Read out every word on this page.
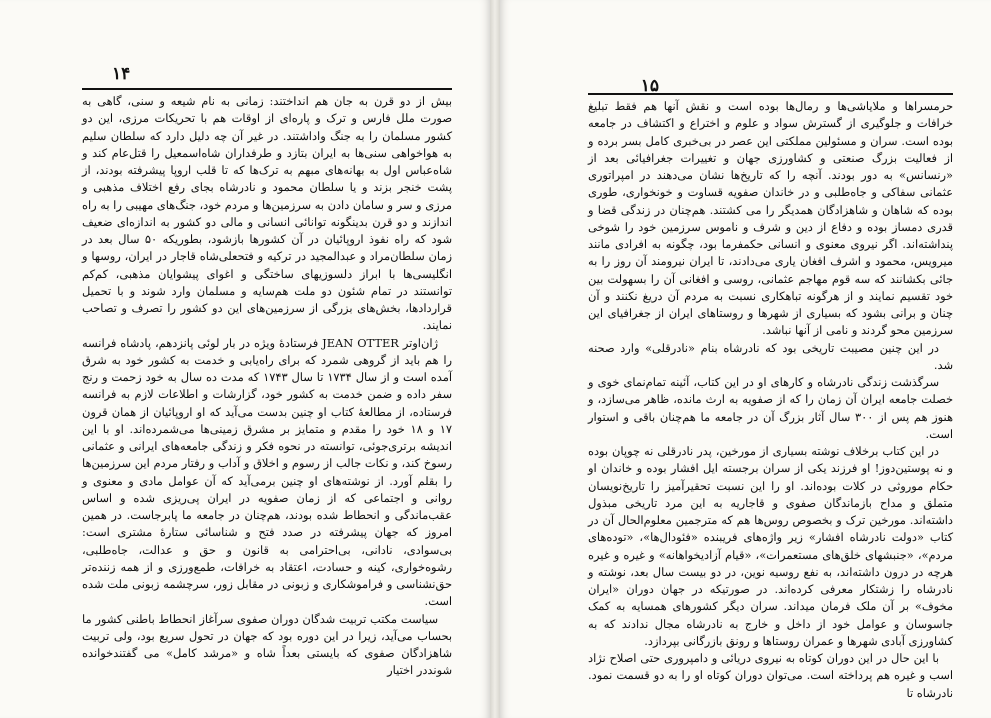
۱۴

بیش از دو قرن به جان هم انداختند: زمانی به نام شیعه و سنی، گاهی به صورت ملل فارس و ترک و پاره‌ای از اوقات هم با تحریکات مرزی، این دو کشور مسلمان را به جنگ واداشتند. در غیر آن چه دلیل دارد که سلطان سلیم به هواخواهی سنی‌ها به ایران بتازد و طرفداران شاه‌اسمعیل را قتل‌عام کند و شاه‌عباس اول به بهانه‌های مبهم به ترک‌ها که تا قلب اروپا پیشرفته بودند، از پشت خنجر بزند و یا سلطان محمود و نادرشاه بجای رفع اختلاف مذهبی و مرزی و سر و سامان دادن به سرزمین‌ها و مردم خود، جنگ‌های مهیبی را به راه اندازند و دو قرن بدینگونه توانائی انسانی و مالی دو کشور به اندازه‌ای ضعیف شود که راه نفوذ اروپائیان در آن کشورها بازشود، بطوریکه ۵۰ سال بعد در زمان سلطان‌مراد و عبدالمجید در ترکیه و فتحعلی‌شاه قاجار در ایران، روسها و انگلیسی‌ها با ابراز دلسوزیهای ساختگی و اغوای پیشوایان مذهبی، کم‌کم توانستند در تمام شئون دو ملت هم‌سایه و مسلمان وارد شوند و با تحمیل قراردادها، بخش‌های بزرگی از سرزمین‌های این دو کشور را تصرف و تصاحب نمایند.

ژان‌اوتر JEAN OTTER فرستادهٔ ویژه در بار لوئی پانزدهم، پادشاه فرانسه را هم باید از گروهی شمرد که برای راه‌یابی و خدمت به کشور خود به شرق آمده است و از سال ۱۷۳۴ تا سال ۱۷۴۳ که مدت ده سال به خود زحمت و رنج سفر داده و ضمن خدمت به کشور خود، گزارشات و اطلاعات لازم به فرانسه فرستاده، از مطالعهٔ کتاب او چنین بدست می‌آید که او اروپائیان از همان قرون ۱۷ و ۱۸ خود را مقدم و متمایز بر مشرق زمینی‌ها می‌شمرده‌اند. او با این اندیشه برتری‌جوئی، توانسته در نحوه فکر و زندگی جامعه‌های ایرانی و عثمانی رسوخ کند، و نکات جالب از رسوم و اخلاق و آداب و رفتار مردم این سرزمین‌ها را بقلم آورد. از نوشته‌های او چنین برمی‌آید که آن عوامل مادی و معنوی و روانی و اجتماعی که از زمان صفویه در ایران پی‌ریزی شده و اساس عقب‌ماندگی و انحطاط شده بودند، هم‌چنان در جامعه ما پابرجاست. در همین امروز که جهان پیشرفته در صدد فتح و شناسائی ستارهٔ مشتری است: بی‌سوادی، نادانی، بی‌احترامی به قانون و حق و عدالت، جاه‌طلبی، رشوه‌خواری، کینه و حسادت، اعتقاد به خرافات، طمع‌ورزی و از همه زننده‌تر حق‌نشناسی و فراموشکاری و زبونی در مقابل زور، سرچشمه زبونی ملت شده است.

سیاست مکتب تربیت شدگان دوران صفوی سرآغاز انحطاط باطنی کشور ما بحساب می‌آید، زیرا در این دوره بود که جهان در تحول سریع بود، ولی تربیت شاهزادگان صفوی که بایستی بعداً شاه و «مرشد کامل» می گفتند‌خوانده شوند‌در اختیار

۱۵

حرمسراها و ملایاشی‌ها و رمال‌ها بوده است و نقش آنها هم فقط تبلیغ خرافات و جلوگیری از گسترش سواد و علوم و اختراع و اکتشاف در جامعه بوده است. سران و مسئولین مملکتی این عصر در بی‌خبری کامل بسر برده و از فعالیت بزرگ صنعتی و کشاورزی جهان و تغییرات جغرافیائی بعد از «رنسانس» به دور بودند. آنچه را که تاریخ‌ها نشان می‌دهند در امپراتوری عثمانی سفاکی و جاه‌طلبی و در خاندان صفویه قساوت و خونخواری، طوری بوده که شاهان و شاهزادگان همدیگر را می کشتند. هم‌چنان در زندگی قضا و قدری دمساز بوده و دفاع از دین و شرف و ناموس سرزمین خود را شوخی پنداشته‌اند. اگر نیروی معنوی و انسانی حکمفرما بود، چگونه به افرادی مانند میرویس، محمود و اشرف افغان یاری می‌دادند، تا ایران نیرومند آن روز را به جائی بکشانند که سه قوم مهاجم عثمانی، روسی و افغانی آن را بسهولت بین خود تقسیم نمایند و از هرگونه تباهکاری نسبت به مردم آن دریغ نکنند و آن چنان و برانی بشود که بسیاری از شهرها و روستاهای ایران از جغرافیای این سرزمین محو گردند و نامی از آنها نباشد.

در این چنین مصیبت تاریخی بود که نادرشاه بنام «نادرقلی» وارد صحنه شد.

سرگذشت زندگی نادرشاه و کارهای او در این کتاب، آئینه تمام‌نمای خوی و خصلت جامعه ایران آن زمان را که از صفویه به ارث مانده، ظاهر می‌سازد، و هنوز هم پس از ۳۰۰ سال آثار بزرگ آن در جامعه ما هم‌چنان باقی و استوار است.

در این کتاب برخلاف نوشته بسیاری از مورخین، پدر نادرقلی نه چوپان بوده و نه پوستین‌دوز! او فرزند یکی از سران برجسته ایل افشار بوده و خاندان او حکام موروثی در کلات بوده‌اند. او را این نسبت تحقیرآمیز را تاریخ‌نویسان متملق و مداح بازماندگان صفوی و قاجاریه به این مرد تاریخی مبذول داشته‌اند. مورخین ترک و بخصوص روس‌ها هم که مترجمین معلوم‌الحال آن در کتاب «دولت نادرشاه افشار» زیر واژه‌های فریبنده «فئودال‌ها»، «توده‌های مردم»، «جنبشهای خلق‌های مستعمرات»، «قیام آزادیخواهانه» و غیره و غیره هرچه در درون داشته‌اند، به نفع روسیه نوین، در دو بیست سال بعد، نوشته و نادرشاه را زشتکار معرفی کرده‌اند. در صورتیکه در جهان دوران «ایران مخوف» بر آن ملک فرمان میداند. سران دیگر کشورهای همسایه به کمک جاسوسان و عوامل خود از داخل و خارج به نادرشاه مجال ندادند که به کشاورزی آبادی شهرها و عمران روستاها و رونق بازرگانی بپردازد.

با این حال در این دوران کوتاه به نیروی دریائی و دامپروری حتی اصلاح نژاد اسب و غیره هم پرداخته است. می‌توان دوران کوتاه او را به دو قسمت نمود. نادرشاه تا
